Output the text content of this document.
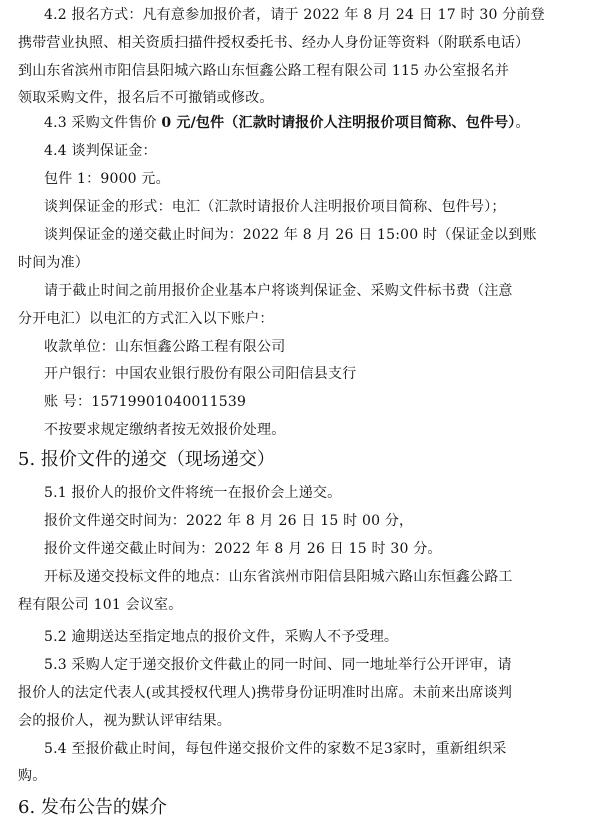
4.2 报名方式：凡有意参加报价者，请于 2022 年 8 月 24 日 17 时 30 分前登
携带营业执照、相关资质扫描件授权委托书、经办人身份证等资料（附联系电话）
到山东省滨州市阳信县阳城六路山东恒鑫公路工程有限公司 115 办公室报名并
领取采购文件，报名后不可撤销或修改。
4.3 采购文件售价 0 元/包件（汇款时请报价人注明报价项目简称、包件号）。
4.4 谈判保证金：
包件 1：9000 元。
谈判保证金的形式：电汇（汇款时请报价人注明报价项目简称、包件号）；
谈判保证金的递交截止时间为：2022 年 8 月 26 日 15:00 时（保证金以到账
时间为准）
请于截止时间之前用报价企业基本户将谈判保证金、采购文件标书费（注意
分开电汇）以电汇的方式汇入以下账户：
收款单位：山东恒鑫公路工程有限公司
开户银行：中国农业银行股份有限公司阳信县支行
账 号：15719901040011539
不按要求规定缴纳者按无效报价处理。
5. 报价文件的递交（现场递交）
5.1 报价人的报价文件将统一在报价会上递交。
报价文件递交时间为：2022 年 8 月 26 日 15 时 00 分，
报价文件递交截止时间为：2022 年 8 月 26 日 15 时 30 分。
开标及递交投标文件的地点：山东省滨州市阳信县阳城六路山东恒鑫公路工
程有限公司 101 会议室。
5.2 逾期送达至指定地点的报价文件，采购人不予受理。
5.3 采购人定于递交报价文件截止的同一时间、同一地址举行公开评审，请
报价人的法定代表人(或其授权代理人)携带身份证明准时出席。未前来出席谈判
会的报价人，视为默认评审结果。
5.4 至报价截止时间，每包件递交报价文件的家数不足3家时，重新组织采
购。
6. 发布公告的媒介
